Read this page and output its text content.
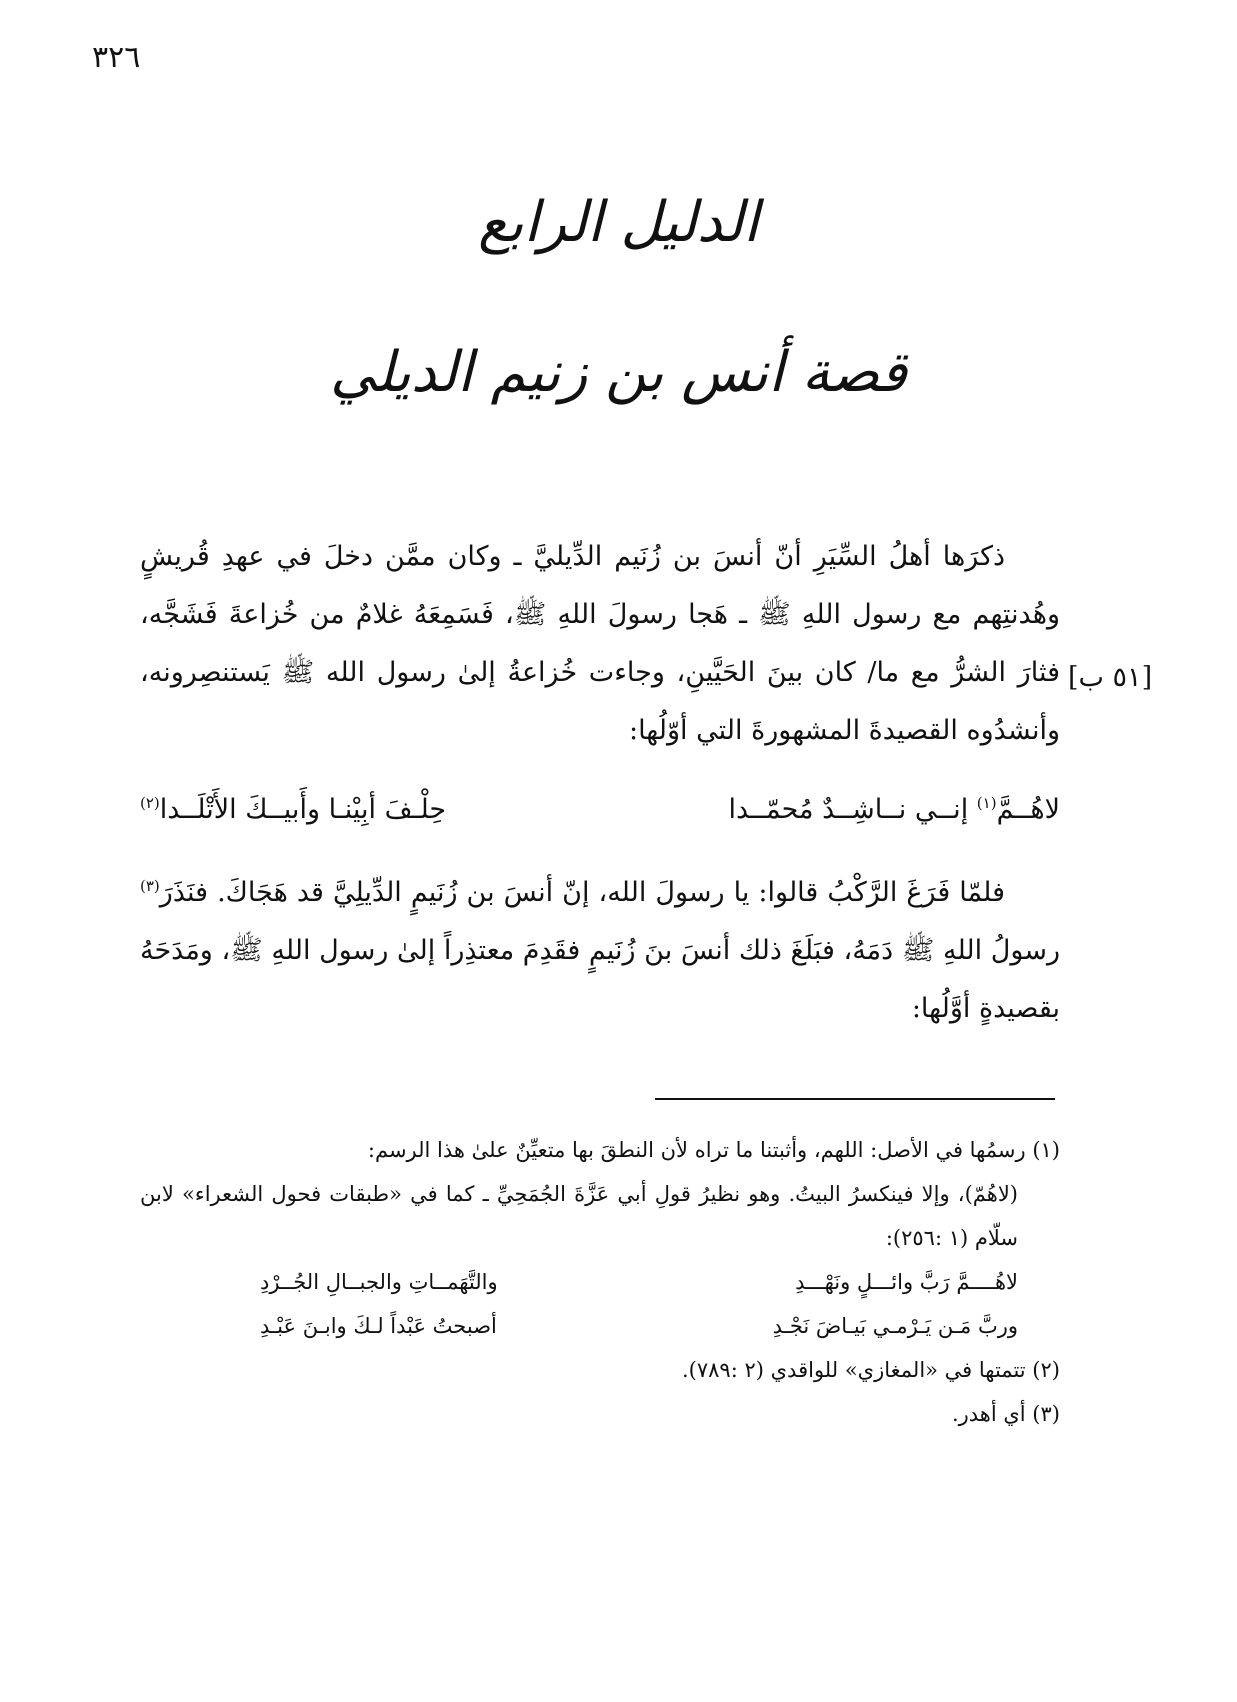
٣٢٦
الدليل الرابع
قصة أنس بن زنيم الديلي
[٥١ ب]

ذكرَها أهلُ السِّيَرِ أنّ أنسَ بن زُنَيم الدِّيليَّ ـ وكان ممَّن دخلَ في عهدِ قُريشٍ وهُدنتِهم مع رسول اللهِ ﷺ ـ هَجا رسولَ اللهِ ﷺ، فَسَمِعَهُ غلامٌ من خُزاعةَ فَشَجَّه، فثارَ الشرُّ مع ما/ كان بينَ الحَيَّينِ، وجاءت خُزاعةُ إلىٰ رسول الله ﷺ يَستنصِرونه، وأنشدُوه القصيدةَ المشهورةَ التي أوّلُها:

لاهُــمَّ$^{(١)}$ إنــي نــاشِــدٌ مُحمّــدا
حِلْـفَ أبِيْنـا وأَبيــكَ الأَتْلَــدا$^{(٢)}$

فلمّا فَرَغَ الرَّكْبُ قالوا: يا رسولَ الله، إنّ أنسَ بن زُنَيمٍ الدِّيلِيَّ قد هَجَاكَ. فنَذَرَ$^{(٣)}$ رسولُ اللهِ ﷺ دَمَهُ، فبَلَغَ ذلك أنسَ بنَ زُنَيمٍ فقَدِمَ معتذِراً إلىٰ رسول اللهِ ﷺ، ومَدَحَهُ بقصيدةٍ أوَّلُها:

(١) رسمُها في الأصل: اللهم، وأثبتنا ما تراه لأن النطقَ بها متعيِّنٌ علىٰ هذا الرسم:

(لاهُمّ)، وإلا فينكسرُ البيتُ. وهو نظيرُ قولِ أبي عَزَّةَ الجُمَحِيِّ ـ كما في «طبقات فحول الشعراء» لابن سلّام (١ :٢٥٦):

لاهُــــمَّ رَبَّ وائـــلٍ ونَهْـــدِ
والتَّهَمــاتِ والجبــالِ الجُــرْدِ
وربَّ مَـن يَـرْمـي بَيـاضَ نَجْـدِ
أصبحتُ عَبْداً لـكَ وابـنَ عَبْـدِ

(٢) تتمتها في «المغازي» للواقدي (٢ :٧٨٩).

(٣) أي أهدر.
